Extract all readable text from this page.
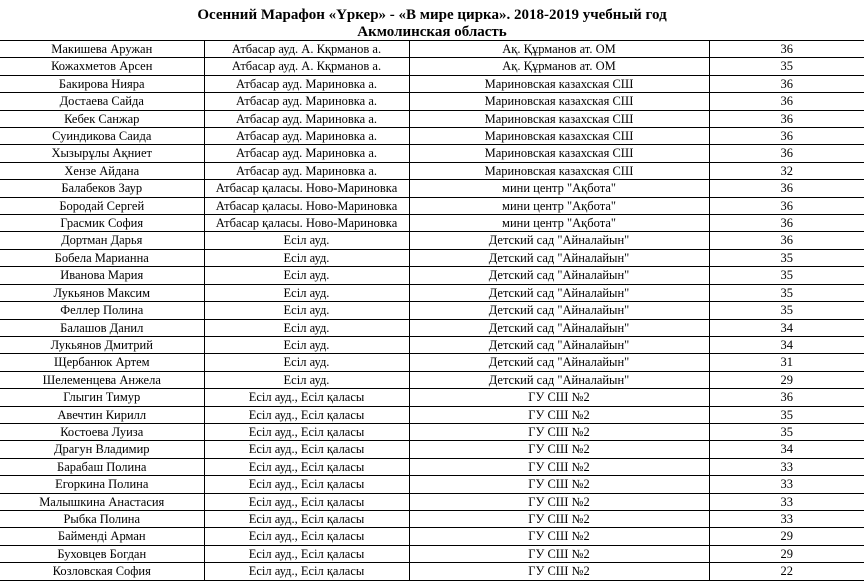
Осенний Марафон «Үркер» - «В мире цирка». 2018-2019 учебный год
Акмолинская область
Макишева Аружан	Атбасар ауд. А. Кқрманов а.	Ақ. Құрманов ат. ОМ	36
Кожахметов Арсен	Атбасар ауд. А. Кқрманов а.	Ақ. Құрманов ат. ОМ	35
Бакирова Нияра	Атбасар ауд. Мариновка а.	Мариновская казахская СШ	36
Достаева Сайда	Атбасар ауд. Мариновка а.	Мариновская казахская СШ	36
Кебек Санжар	Атбасар ауд. Мариновка а.	Мариновская казахская СШ	36
Суиндикова Саида	Атбасар ауд. Мариновка а.	Мариновская казахская СШ	36
Хызырұлы Ақниет	Атбасар ауд. Мариновка а.	Мариновская казахская СШ	36
Хензе Айдана	Атбасар ауд. Мариновка а.	Мариновская казахская СШ	32
Балабеков Заур	Атбасар қаласы. Ново-Мариновка	мини центр "Ақбота"	36
Бородай Сергей	Атбасар қаласы. Ново-Мариновка	мини центр "Ақбота"	36
Грасмик София	Атбасар қаласы. Ново-Мариновка	мини центр "Ақбота"	36
Дортман Дарья	Есіл ауд.	Детский сад "Айналайын"	36
Бобела Марианна	Есіл ауд.	Детский сад "Айналайын"	35
Иванова Мария	Есіл ауд.	Детский сад "Айналайын"	35
Лукьянов Максим	Есіл ауд.	Детский сад "Айналайын"	35
Феллер Полина	Есіл ауд.	Детский сад "Айналайын"	35
Балашов Данил	Есіл ауд.	Детский сад "Айналайын"	34
Лукьянов Дмитрий	Есіл ауд.	Детский сад "Айналайын"	34
Щербанюк Артем	Есіл ауд.	Детский сад "Айналайын"	31
Шелеменцева Анжела	Есіл ауд.	Детский сад "Айналайын"	29
Глыгин Тимур	Есіл ауд., Есіл қаласы	ГУ СШ №2	36
Авечтин Кирилл	Есіл ауд., Есіл қаласы	ГУ СШ №2	35
Костоева Луиза	Есіл ауд., Есіл қаласы	ГУ СШ №2	35
Драгун Владимир	Есіл ауд., Есіл қаласы	ГУ СШ №2	34
Барабаш Полина	Есіл ауд., Есіл қаласы	ГУ СШ №2	33
Егоркина Полина	Есіл ауд., Есіл қаласы	ГУ СШ №2	33
Малышкина Анастасия	Есіл ауд., Есіл қаласы	ГУ СШ №2	33
Рыбка Полина	Есіл ауд., Есіл қаласы	ГУ СШ №2	33
Байменді Арман	Есіл ауд., Есіл қаласы	ГУ СШ №2	29
Буховцев Богдан	Есіл ауд., Есіл қаласы	ГУ СШ №2	29
Козловская София	Есіл ауд., Есіл қаласы	ГУ СШ №2	22
